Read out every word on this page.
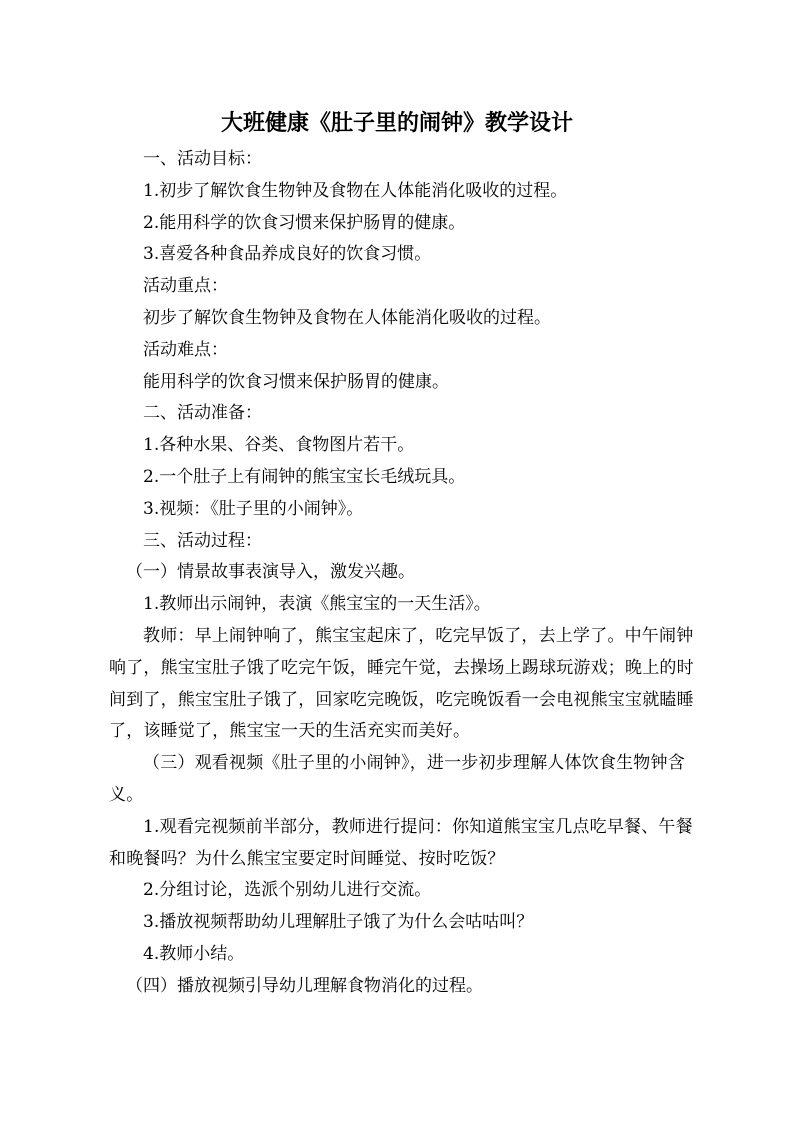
大班健康《肚子里的闹钟》教学设计

一、活动目标：

1.初步了解饮食生物钟及食物在人体能消化吸收的过程。

2.能用科学的饮食习惯来保护肠胃的健康。

3.喜爱各种食品养成良好的饮食习惯。

活动重点：

初步了解饮食生物钟及食物在人体能消化吸收的过程。

活动难点：

能用科学的饮食习惯来保护肠胃的健康。

二、活动准备：

1.各种水果、谷类、食物图片若干。

2.一个肚子上有闹钟的熊宝宝长毛绒玩具。

3.视频：《肚子里的小闹钟》。

三、活动过程：

（一）情景故事表演导入，激发兴趣。

1.教师出示闹钟，表演《熊宝宝的一天生活》。

教师：早上闹钟响了，熊宝宝起床了，吃完早饭了，去上学了。中午闹钟响了，熊宝宝肚子饿了吃完午饭，睡完午觉，去操场上踢球玩游戏；晚上的时间到了，熊宝宝肚子饿了，回家吃完晚饭，吃完晚饭看一会电视熊宝宝就瞌睡了，该睡觉了，熊宝宝一天的生活充实而美好。

（三）观看视频《肚子里的小闹钟》，进一步初步理解人体饮食生物钟含义。

1.观看完视频前半部分，教师进行提问：你知道熊宝宝几点吃早餐、午餐和晚餐吗？为什么熊宝宝要定时间睡觉、按时吃饭？

2.分组讨论，选派个别幼儿进行交流。

3.播放视频帮助幼儿理解肚子饿了为什么会咕咕叫？

4.教师小结。

（四）播放视频引导幼儿理解食物消化的过程。
